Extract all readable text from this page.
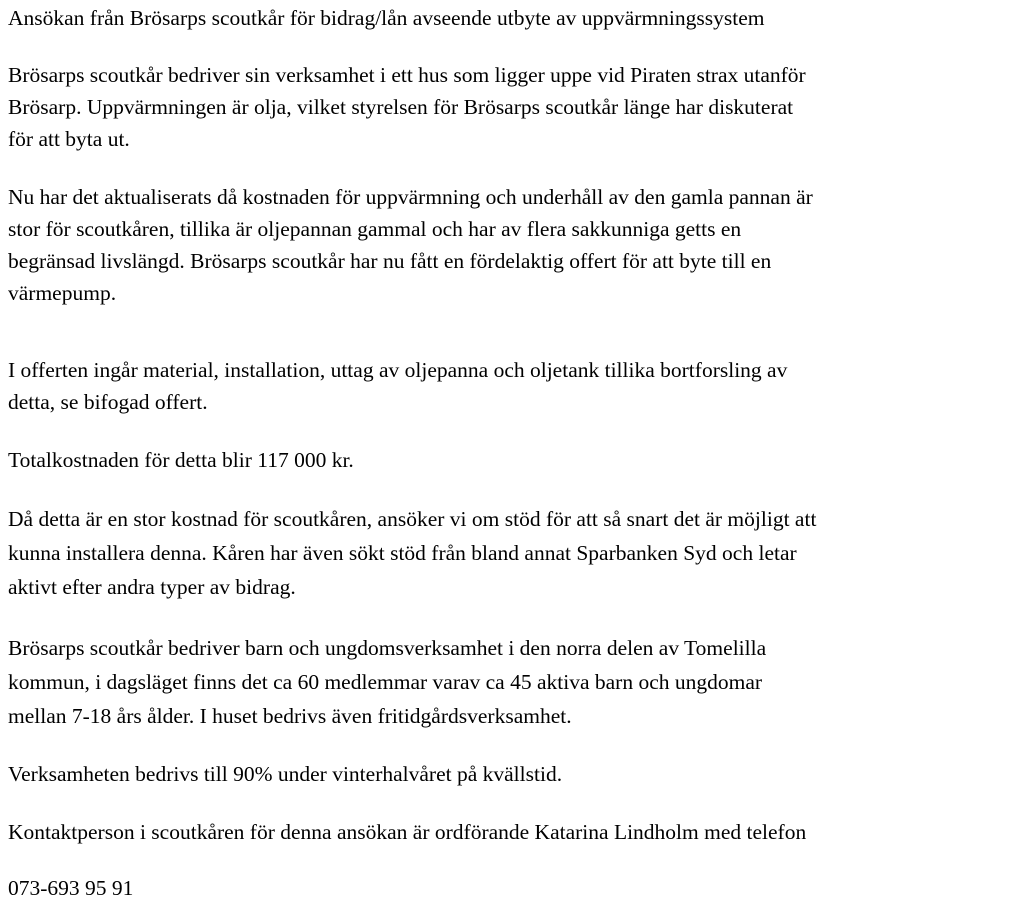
Ansökan från Brösarps scoutkår för bidrag/lån avseende utbyte av uppvärmningssystem

Brösarps scoutkår bedriver sin verksamhet i ett hus som ligger uppe vid Piraten strax utanför

Brösarp. Uppvärmningen är olja, vilket styrelsen för Brösarps scoutkår länge har diskuterat

för att byta ut.

Nu har det aktualiserats då kostnaden för uppvärmning och underhåll av den gamla pannan är

stor för scoutkåren, tillika är oljepannan gammal och har av flera sakkunniga getts en

begränsad livslängd. Brösarps scoutkår har nu fått en fördelaktig offert för att byte till en

värmepump.

I offerten ingår material, installation, uttag av oljepanna och oljetank tillika bortforsling av

detta, se bifogad offert.

Totalkostnaden för detta blir 117 000 kr.

Då detta är en stor kostnad för scoutkåren, ansöker vi om stöd för att så snart det är möjligt att

kunna installera denna. Kåren har även sökt stöd från bland annat Sparbanken Syd och letar

aktivt efter andra typer av bidrag.

Brösarps scoutkår bedriver barn och ungdomsverksamhet i den norra delen av Tomelilla

kommun, i dagsläget finns det ca 60 medlemmar varav ca 45 aktiva barn och ungdomar

mellan 7-18 års ålder. I huset bedrivs även fritidgårdsverksamhet.

Verksamheten bedrivs till 90% under vinterhalvåret på kvällstid.

Kontaktperson i scoutkåren för denna ansökan är ordförande Katarina Lindholm med telefon

073-693 95 91
